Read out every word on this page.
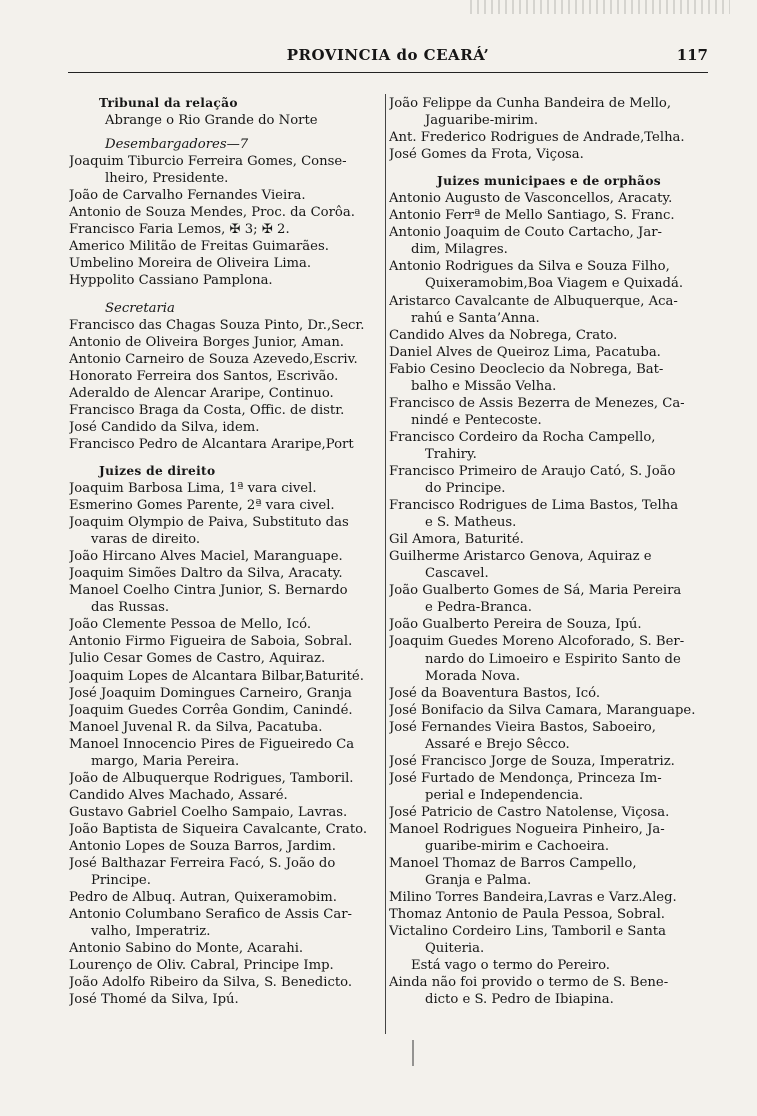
PROVINCIA do CEARÁ’	117
Tribunal da relação
Abrange o Rio Grande do Norte
Desembargadores—7
Joaquim Tiburcio Ferreira Gomes, Conse-
lheiro, Presidente.
João de Carvalho Fernandes Vieira.
Antonio de Souza Mendes, Proc. da Corôa.
Francisco Faria Lemos, ✠ 3; ✠ 2.
Americo Militão de Freitas Guimarães.
Umbelino Moreira de Oliveira Lima.
Hyppolito Cassiano Pamplona.
Secretaria
Francisco das Chagas Souza Pinto, Dr.,Secr.
Antonio de Oliveira Borges Junior, Aman.
Antonio Carneiro de Souza Azevedo,Escriv.
Honorato Ferreira dos Santos, Escrivão.
Aderaldo de Alencar Araripe, Continuo.
Francisco Braga da Costa, Offic. de distr.
José Candido da Silva, idem.
Francisco Pedro de Alcantara Araripe,Port
Juizes de direito
Joaquim Barbosa Lima, 1ª vara civel.
Esmerino Gomes Parente, 2ª vara civel.
Joaquim Olympio de Paiva, Substituto das
varas de direito.
João Hircano Alves Maciel, Maranguape.
Joaquim Simões Daltro da Silva, Aracaty.
Manoel Coelho Cintra Junior, S. Bernardo
das Russas.
João Clemente Pessoa de Mello, Icó.
Antonio Firmo Figueira de Saboia, Sobral.
Julio Cesar Gomes de Castro, Aquiraz.
Joaquim Lopes de Alcantara Bilbar,Baturité.
José Joaquim Domingues Carneiro, Granja
Joaquim Guedes Corrêa Gondim, Canindé.
Manoel Juvenal R. da Silva, Pacatuba.
Manoel Innocencio Pires de Figueiredo Ca
margo, Maria Pereira.
João de Albuquerque Rodrigues, Tamboril.
Candido Alves Machado, Assaré.
Gustavo Gabriel Coelho Sampaio, Lavras.
João Baptista de Siqueira Cavalcante, Crato.
Antonio Lopes de Souza Barros, Jardim.
José Balthazar Ferreira Facó, S. João do
Principe.
Pedro de Albuq. Autran, Quixeramobim.
Antonio Columbano Serafico de Assis Car-
valho, Imperatriz.
Antonio Sabino do Monte, Acarahi.
Lourenço de Oliv. Cabral, Principe Imp.
João Adolfo Ribeiro da Silva, S. Benedicto.
José Thomé da Silva, Ipú.
João Felippe da Cunha Bandeira de Mello,
Jaguaribe-mirim.
Ant. Frederico Rodrigues de Andrade,Telha.
José Gomes da Frota, Viçosa.
Juizes municipaes e de orphãos
Antonio Augusto de Vasconcellos, Aracaty.
Antonio Ferrª de Mello Santiago, S. Franc.
Antonio Joaquim de Couto Cartacho, Jar-
dim, Milagres.
Antonio Rodrigues da Silva e Souza Filho,
Quixeramobim,Boa Viagem e Quixadá.
Aristarco Cavalcante de Albuquerque, Aca-
rahú e Santa’Anna.
Candido Alves da Nobrega, Crato.
Daniel Alves de Queiroz Lima, Pacatuba.
Fabio Cesino Deoclecio da Nobrega, Bat-
balho e Missão Velha.
Francisco de Assis Bezerra de Menezes, Ca-
nindé e Pentecoste.
Francisco Cordeiro da Rocha Campello,
Trahiry.
Francisco Primeiro de Araujo Cató, S. João
do Principe.
Francisco Rodrigues de Lima Bastos, Telha
e S. Matheus.
Gil Amora, Baturité.
Guilherme Aristarco Genova, Aquiraz e
Cascavel.
João Gualberto Gomes de Sá, Maria Pereira
e Pedra-Branca.
João Gualberto Pereira de Souza, Ipú.
Joaquim Guedes Moreno Alcoforado, S. Ber-
nardo do Limoeiro e Espirito Santo de
Morada Nova.
José da Boaventura Bastos, Icó.
José Bonifacio da Silva Camara, Maranguape.
José Fernandes Vieira Bastos, Saboeiro,
Assaré e Brejo Sêcco.
José Francisco Jorge de Souza, Imperatriz.
José Furtado de Mendonça, Princeza Im-
perial e Independencia.
José Patricio de Castro Natolense, Viçosa.
Manoel Rodrigues Nogueira Pinheiro, Ja-
guaribe-mirim e Cachoeira.
Manoel Thomaz de Barros Campello,
Granja e Palma.
Milino Torres Bandeira,Lavras e Varz.Aleg.
Thomaz Antonio de Paula Pessoa, Sobral.
Victalino Cordeiro Lins, Tamboril e Santa
Quiteria.
Está vago o termo do Pereiro.
Ainda não foi provido o termo de S. Bene-
dicto e S. Pedro de Ibiapina.
